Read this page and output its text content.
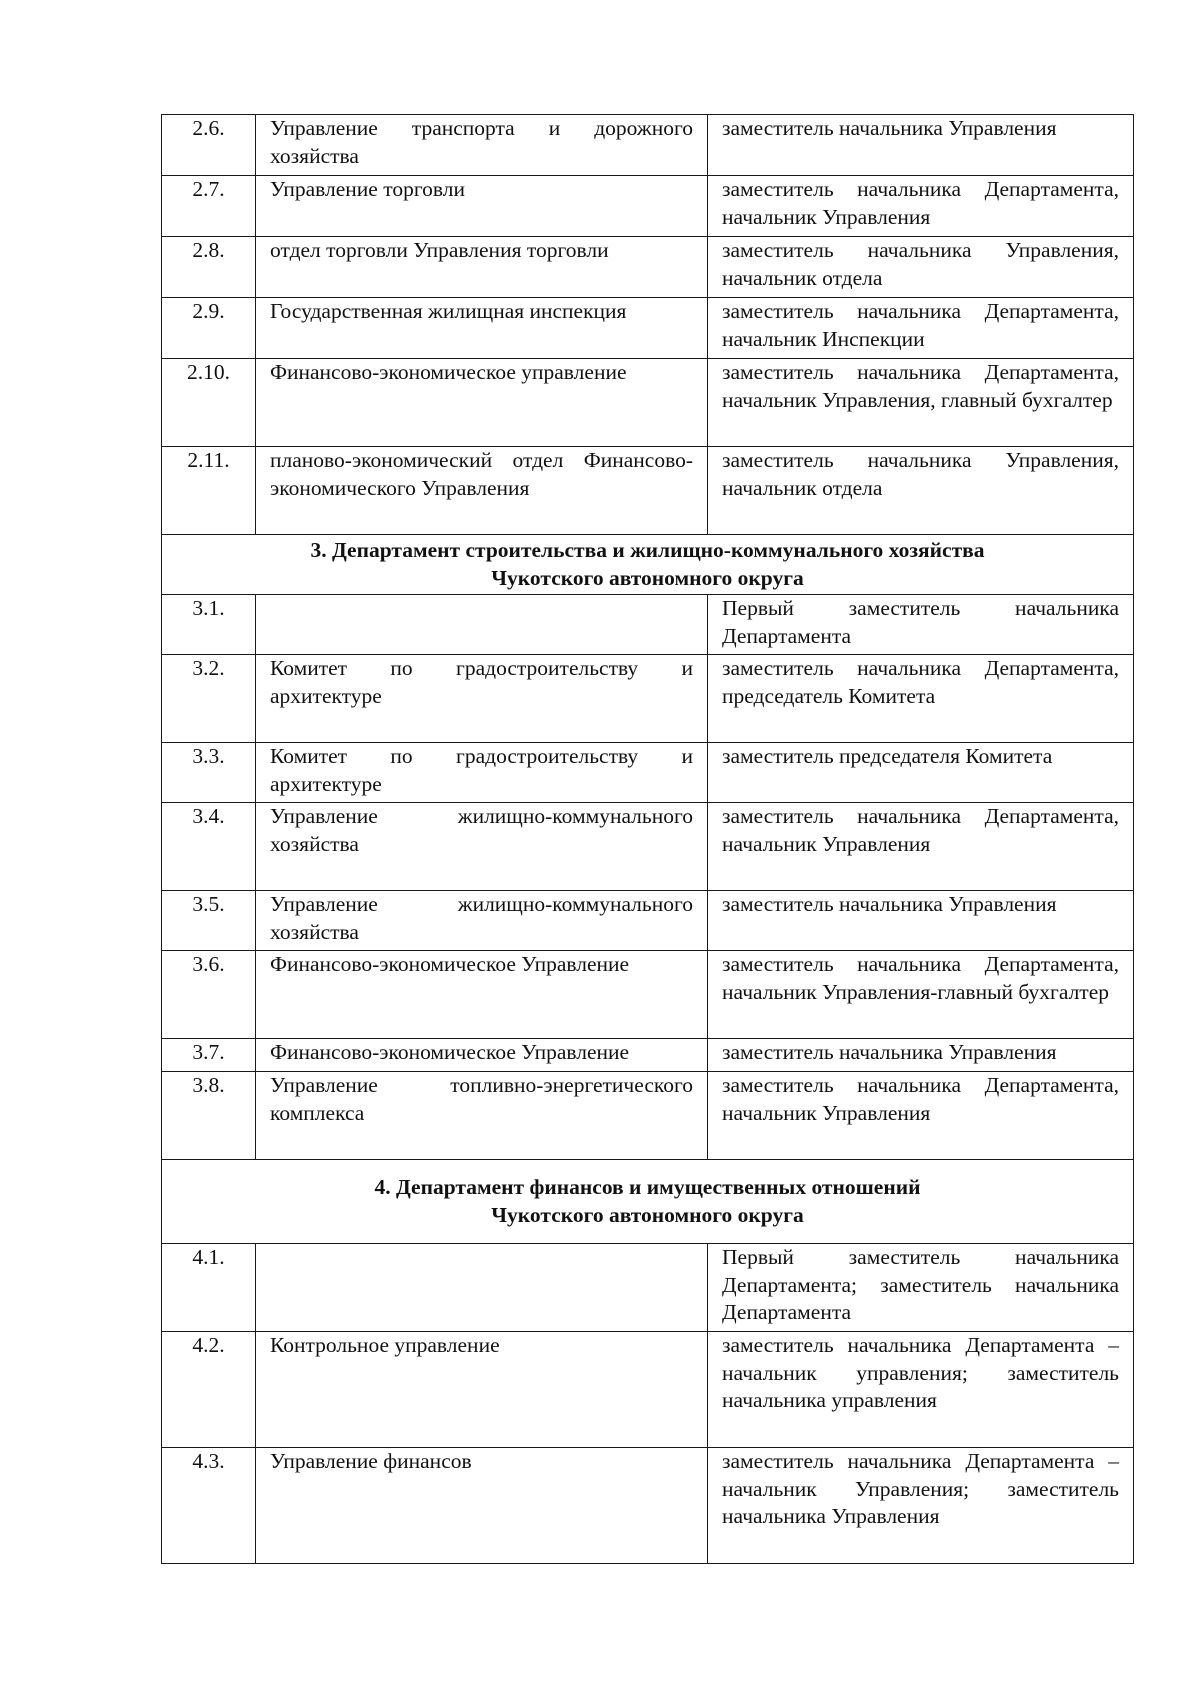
2.6.	Управление транспорта и дорожного хозяйства	заместитель начальника Управления

2.7.	Управление торговли	заместитель начальника Департамента, начальник Управления

2.8.	отдел торговли Управления торговли	заместитель начальника Управления, начальник отдела

2.9.	Государственная жилищная инспекция	заместитель начальника Департамента, начальник Инспекции

2.10.	Финансово-экономическое управление	заместитель начальника Департамента, начальник Управления, главный бухгалтер

2.11.	планово-экономический отдел Финансово-экономического Управления	заместитель начальника Управления, начальник отдела

3. Департамент строительства и жилищно-коммунального хозяйства
Чукотского автономного округа		

3.1.		Первый заместитель начальника Департамента

3.2.	Комитет по градостроительству и архитектуре	заместитель начальника Департамента, председатель Комитета

3.3.	Комитет по градостроительству и архитектуре	заместитель председателя Комитета

3.4.	Управление жилищно-коммунального хозяйства	заместитель начальника Департамента, начальник Управления

3.5.	Управление жилищно-коммунального хозяйства	заместитель начальника Управления

3.6.	Финансово-экономическое Управление	заместитель начальника Департамента, начальник Управления-главный бухгалтер

3.7.	Финансово-экономическое Управление	заместитель начальника Управления

3.8.	Управление топливно-энергетического комплекса	заместитель начальника Департамента, начальник Управления

4. Департамент финансов и имущественных отношений
Чукотского автономного округа		

4.1.		Первый заместитель начальника Департамента; заместитель начальника Департамента

4.2.	Контрольное управление	заместитель начальника Департамента – начальник управления; заместитель начальника управления

4.3.	Управление финансов	заместитель начальника Департамента – начальник Управления; заместитель начальника Управления
